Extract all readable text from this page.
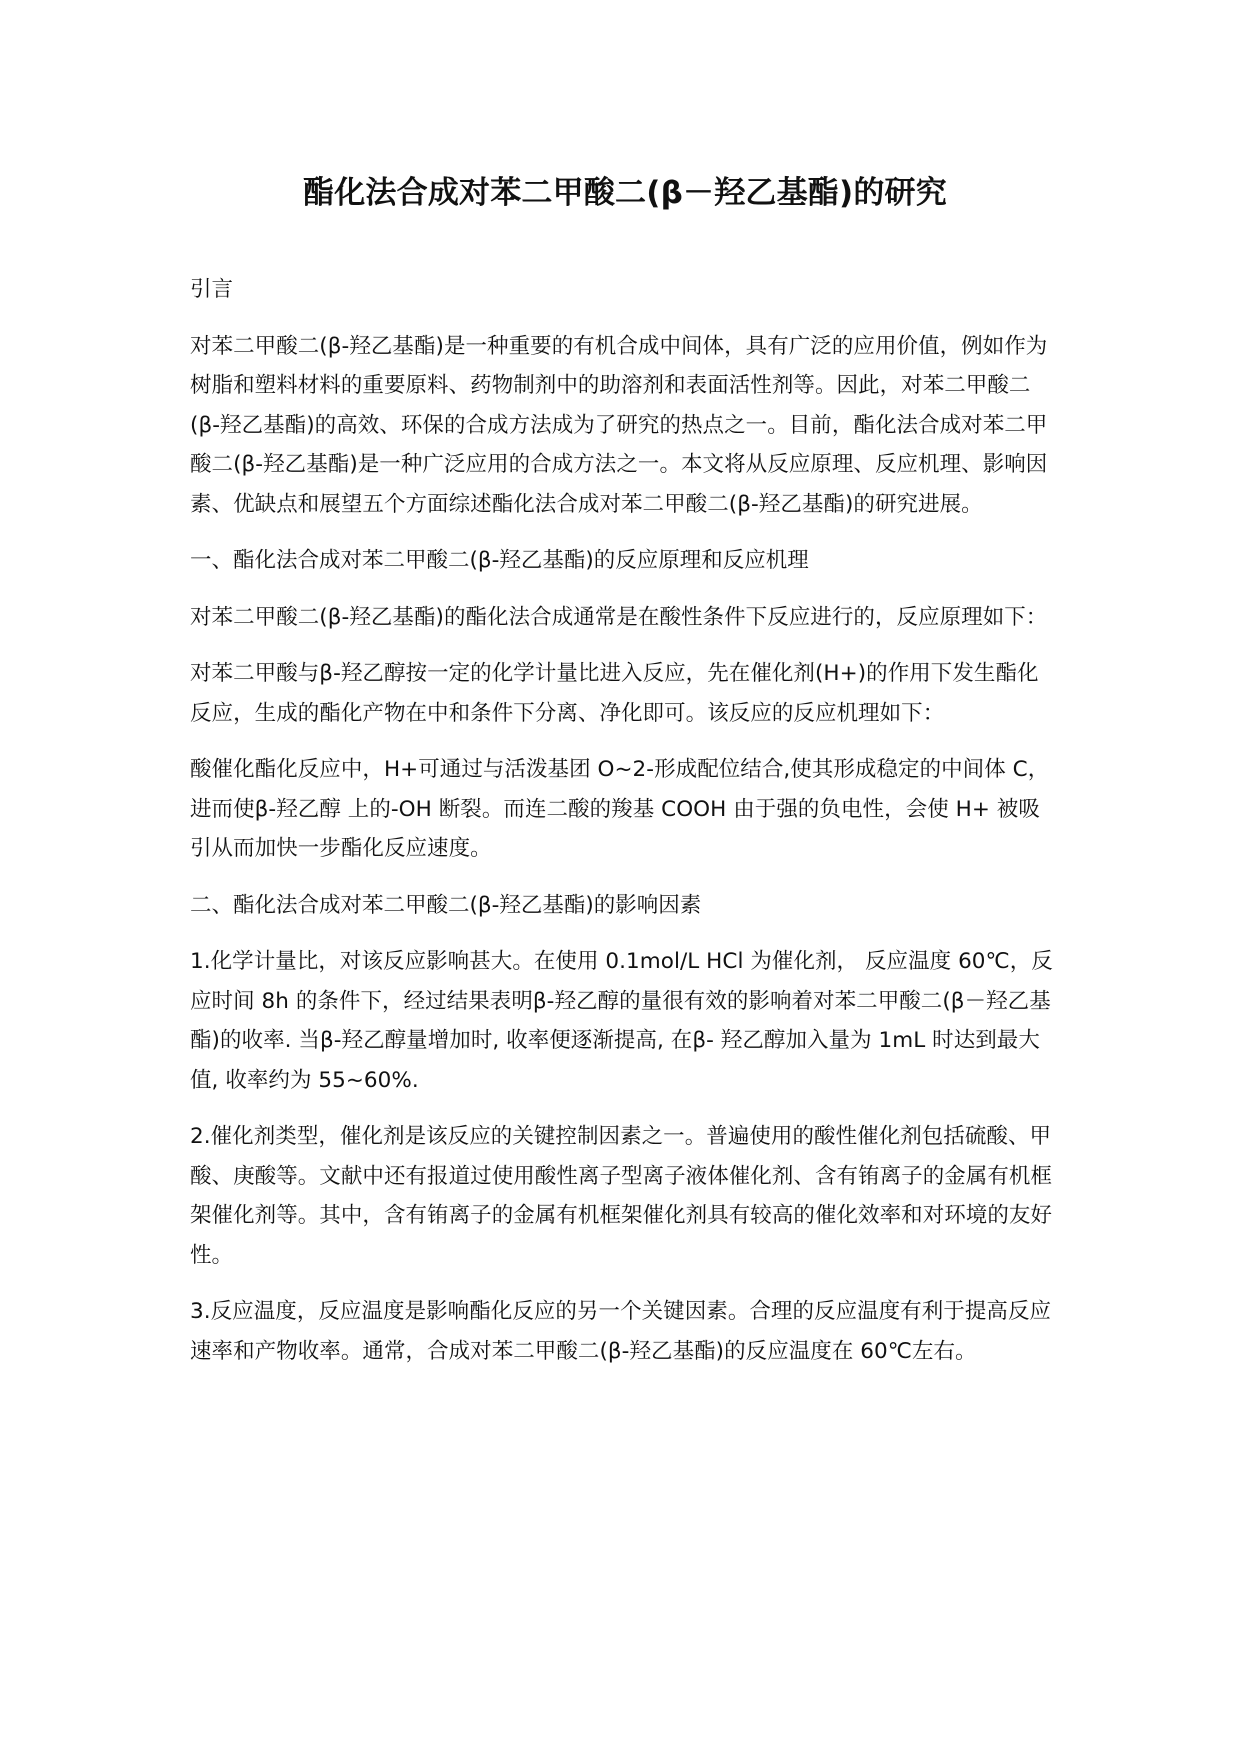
酯化法合成对苯二甲酸二(β－羟乙基酯)的研究
引言

对苯二甲酸二(β-羟乙基酯)是一种重要的有机合成中间体，具有广泛的应用价值，例如作为树脂和塑料材料的重要原料、药物制剂中的助溶剂和表面活性剂等。因此，对苯二甲酸二(β-羟乙基酯)的高效、环保的合成方法成为了研究的热点之一。目前，酯化法合成对苯二甲酸二(β-羟乙基酯)是一种广泛应用的合成方法之一。本文将从反应原理、反应机理、影响因素、优缺点和展望五个方面综述酯化法合成对苯二甲酸二(β-羟乙基酯)的研究进展。

一、酯化法合成对苯二甲酸二(β-羟乙基酯)的反应原理和反应机理

对苯二甲酸二(β-羟乙基酯)的酯化法合成通常是在酸性条件下反应进行的，反应原理如下：

对苯二甲酸与β-羟乙醇按一定的化学计量比进入反应，先在催化剂(H+)的作用下发生酯化反应，生成的酯化产物在中和条件下分离、净化即可。该反应的反应机理如下：

酸催化酯化反应中，H+可通过与活泼基团 O~2-形成配位结合,使其形成稳定的中间体 C，进而使β-羟乙醇 上的-OH 断裂。而连二酸的羧基 COOH 由于强的负电性，会使 H+ 被吸引从而加快一步酯化反应速度。

二、酯化法合成对苯二甲酸二(β-羟乙基酯)的影响因素

1.化学计量比，对该反应影响甚大。在使用 0.1mol/L HCl 为催化剂， 反应温度 60℃，反应时间 8h 的条件下，经过结果表明β-羟乙醇的量很有效的影响着对苯二甲酸二(β－羟乙基酯)的收率. 当β-羟乙醇量增加时, 收率便逐渐提高, 在β- 羟乙醇加入量为 1mL 时达到最大值, 收率约为 55~60%.

2.催化剂类型，催化剂是该反应的关键控制因素之一。普遍使用的酸性催化剂包括硫酸、甲酸、庚酸等。文献中还有报道过使用酸性离子型离子液体催化剂、含有铕离子的金属有机框架催化剂等。其中，含有铕离子的金属有机框架催化剂具有较高的催化效率和对环境的友好性。

3.反应温度，反应温度是影响酯化反应的另一个关键因素。合理的反应温度有利于提高反应速率和产物收率。通常，合成对苯二甲酸二(β-羟乙基酯)的反应温度在 60℃左右。
